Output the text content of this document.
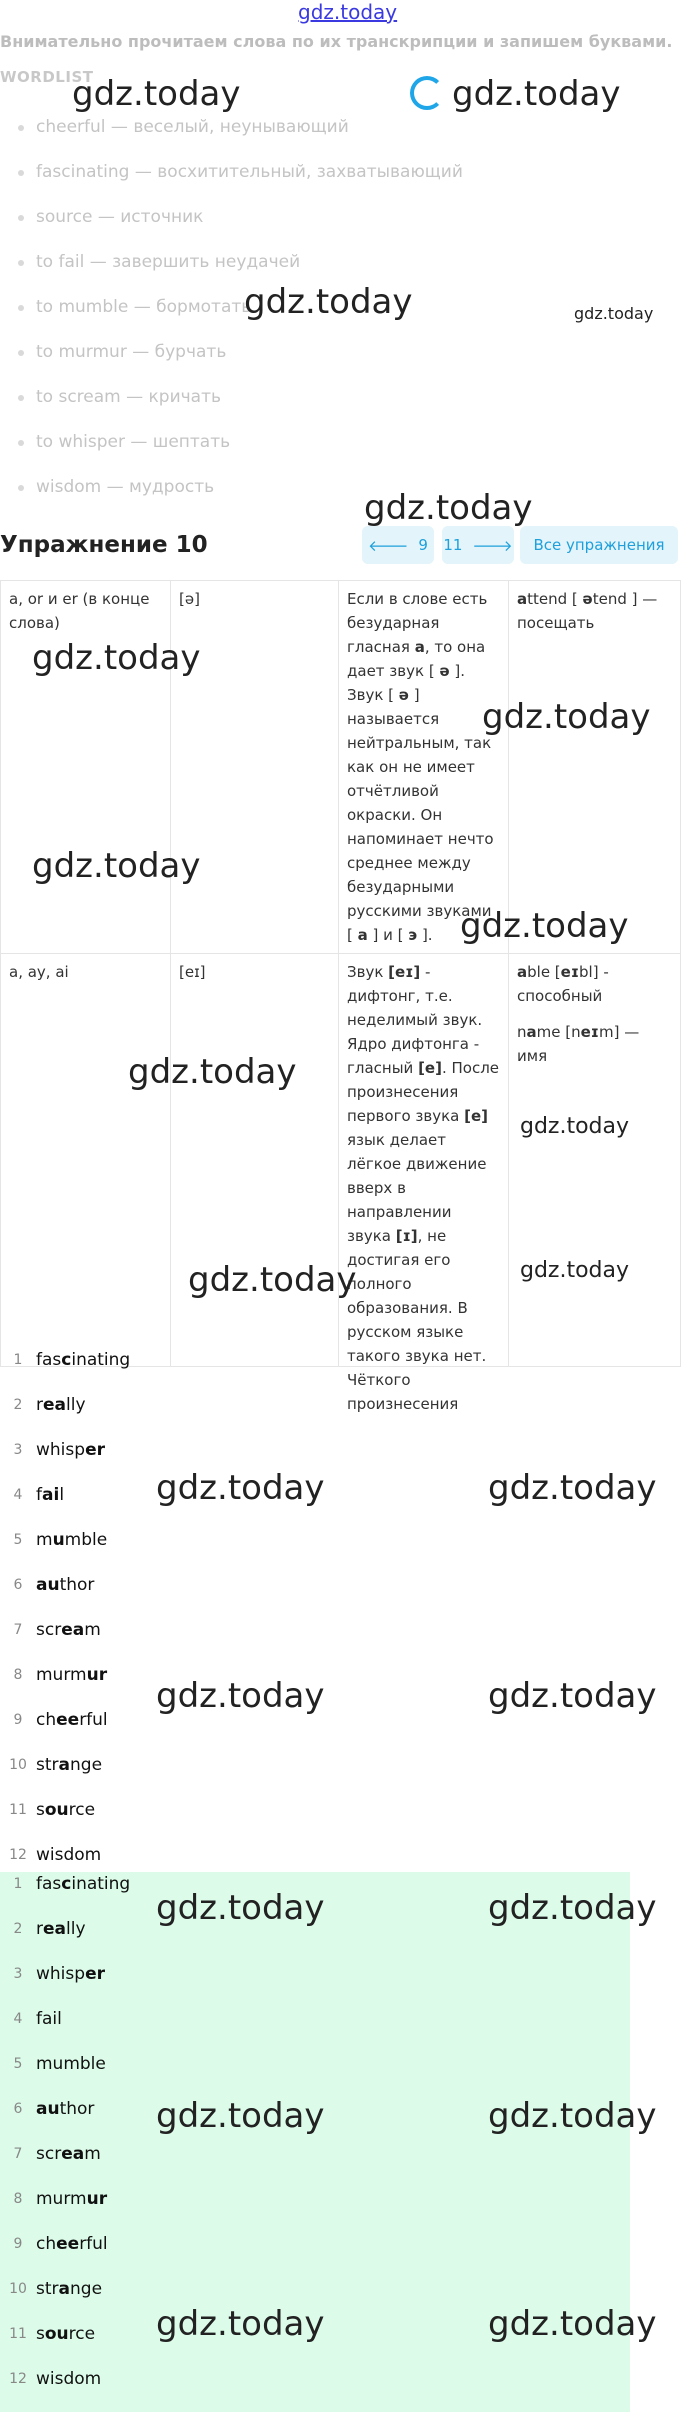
gdz.today
Внимательно прочитаем слова по их транскрипции и запишем буквами.
WORDLIST
cheerful — веселый, неунывающий
fascinating — восхитительный, захватывающий
source — источник
to fail — завершить неудачей
to mumble — бормотать
to murmur — бурчать
to scream — кричать
to whisper — шептать
wisdom — мудрость
Упражнение 10	🡐 9 11 🡒 Все упражнения
a, or и er (в конце слова)	[ə]	Если в слове есть безударная гласная a, то она дает звук [ ə ]. Звук [ ə ] называется нейтральным, так как он не имеет отчётливой окраски. Он напоминает нечто среднее между безударными русскими звуками [ а ] и [ э ].	attend [ ətend ] — посещать
a, ay, ai	[eɪ]	Звук [eɪ] - дифтонг, т.е. неделимый звук. Ядро дифтонга - гласный [e]. После произнесения первого звука [e] язык делает лёгкое движение вверх в направлении звука [ɪ], не достигая его полного образования. В русском языке такого звука нет. Чёткого произнесения	able [eɪbl] - способный
name [neɪm] — имя
1 fascinating
2 really
3 whisper
4 fail
5 mumble
6 author
7 scream
8 murmur
9 cheerful
10 strange
11 source
12 wisdom
1 fascinating
2 really
3 whisper
4 fail
5 mumble
6 author
7 scream
8 murmur
9 cheerful
10 strange
11 source
12 wisdom
gdz.today	gdz.today
gdz.today	gdz.today
gdz.today
gdz.today
gdz.today
gdz.today
gdz.today
gdz.today
gdz.today
gdz.today	gdz.today
gdz.today	gdz.today
gdz.today	gdz.today
gdz.today	gdz.today
gdz.today	gdz.today
gdz.today	gdz.today
